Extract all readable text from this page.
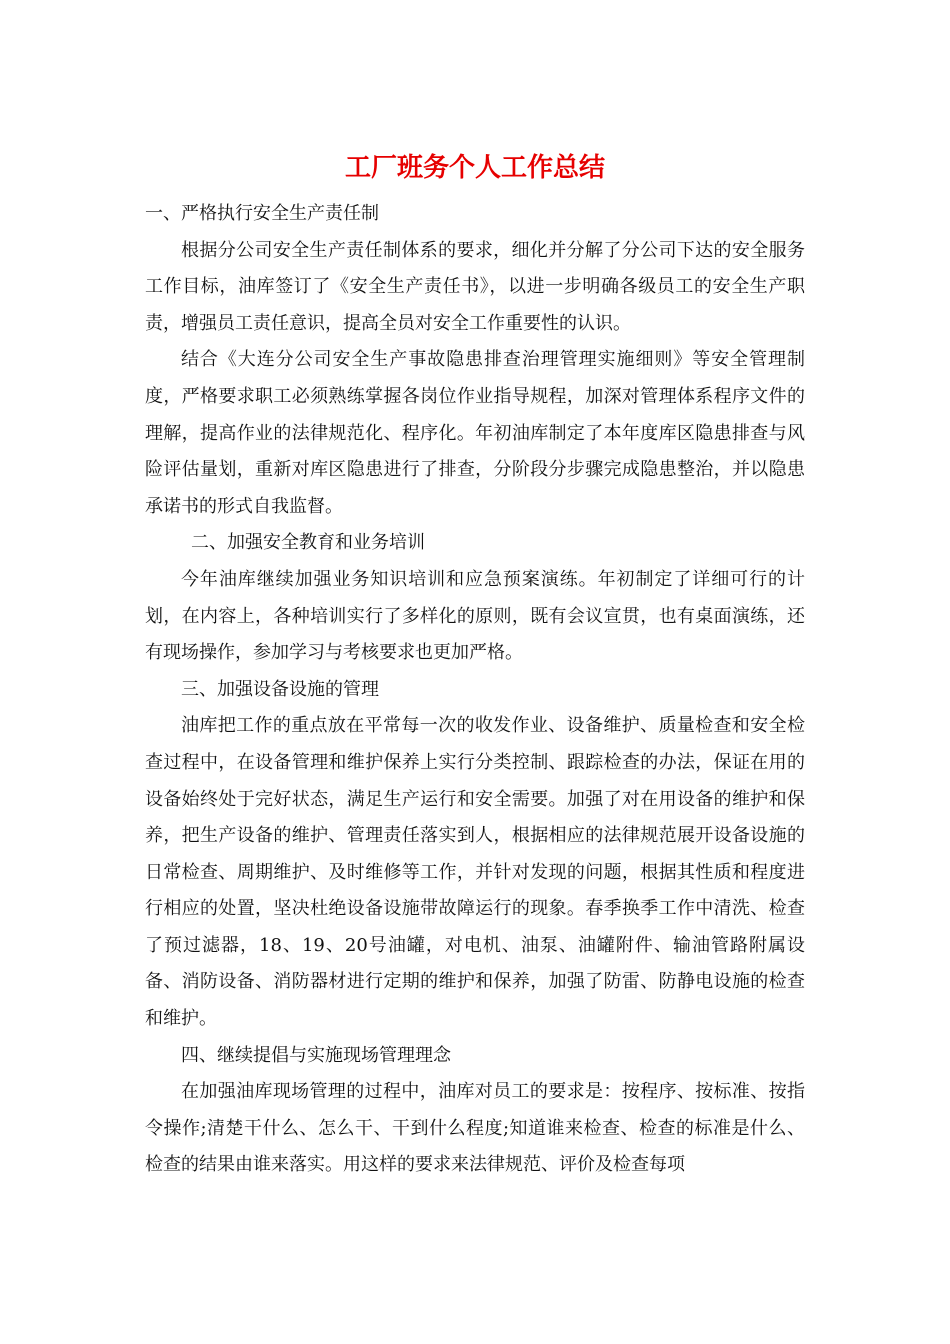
工厂班务个人工作总结

一、严格执行安全生产责任制

根据分公司安全生产责任制体系的要求，细化并分解了分公司下达的安全服务工作目标，油库签订了《安全生产责任书》，以进一步明确各级员工的安全生产职责，增强员工责任意识，提高全员对安全工作重要性的认识。

结合《大连分公司安全生产事故隐患排查治理管理实施细则》等安全管理制度，严格要求职工必须熟练掌握各岗位作业指导规程，加深对管理体系程序文件的理解，提高作业的法律规范化、程序化。年初油库制定了本年度库区隐患排查与风险评估量划，重新对库区隐患进行了排查，分阶段分步骤完成隐患整治，并以隐患承诺书的形式自我监督。

二、加强安全教育和业务培训

今年油库继续加强业务知识培训和应急预案演练。年初制定了详细可行的计划，在内容上，各种培训实行了多样化的原则，既有会议宣贯，也有桌面演练，还有现场操作，参加学习与考核要求也更加严格。

三、加强设备设施的管理

油库把工作的重点放在平常每一次的收发作业、设备维护、质量检查和安全检查过程中，在设备管理和维护保养上实行分类控制、跟踪检查的办法，保证在用的设备始终处于完好状态，满足生产运行和安全需要。加强了对在用设备的维护和保养，把生产设备的维护、管理责任落实到人，根据相应的法律规范展开设备设施的日常检查、周期维护、及时维修等工作，并针对发现的问题，根据其性质和程度进行相应的处置，坚决杜绝设备设施带故障运行的现象。春季换季工作中清洗、检查了预过滤器，18、19、20号油罐，对电机、油泵、油罐附件、输油管路附属设备、消防设备、消防器材进行定期的维护和保养，加强了防雷、防静电设施的检查和维护。

四、继续提倡与实施现场管理理念

在加强油库现场管理的过程中，油库对员工的要求是：按程序、按标准、按指令操作;清楚干什么、怎么干、干到什么程度;知道谁来检查、检查的标准是什么、检查的结果由谁来落实。用这样的要求来法律规范、评价及检查每项
